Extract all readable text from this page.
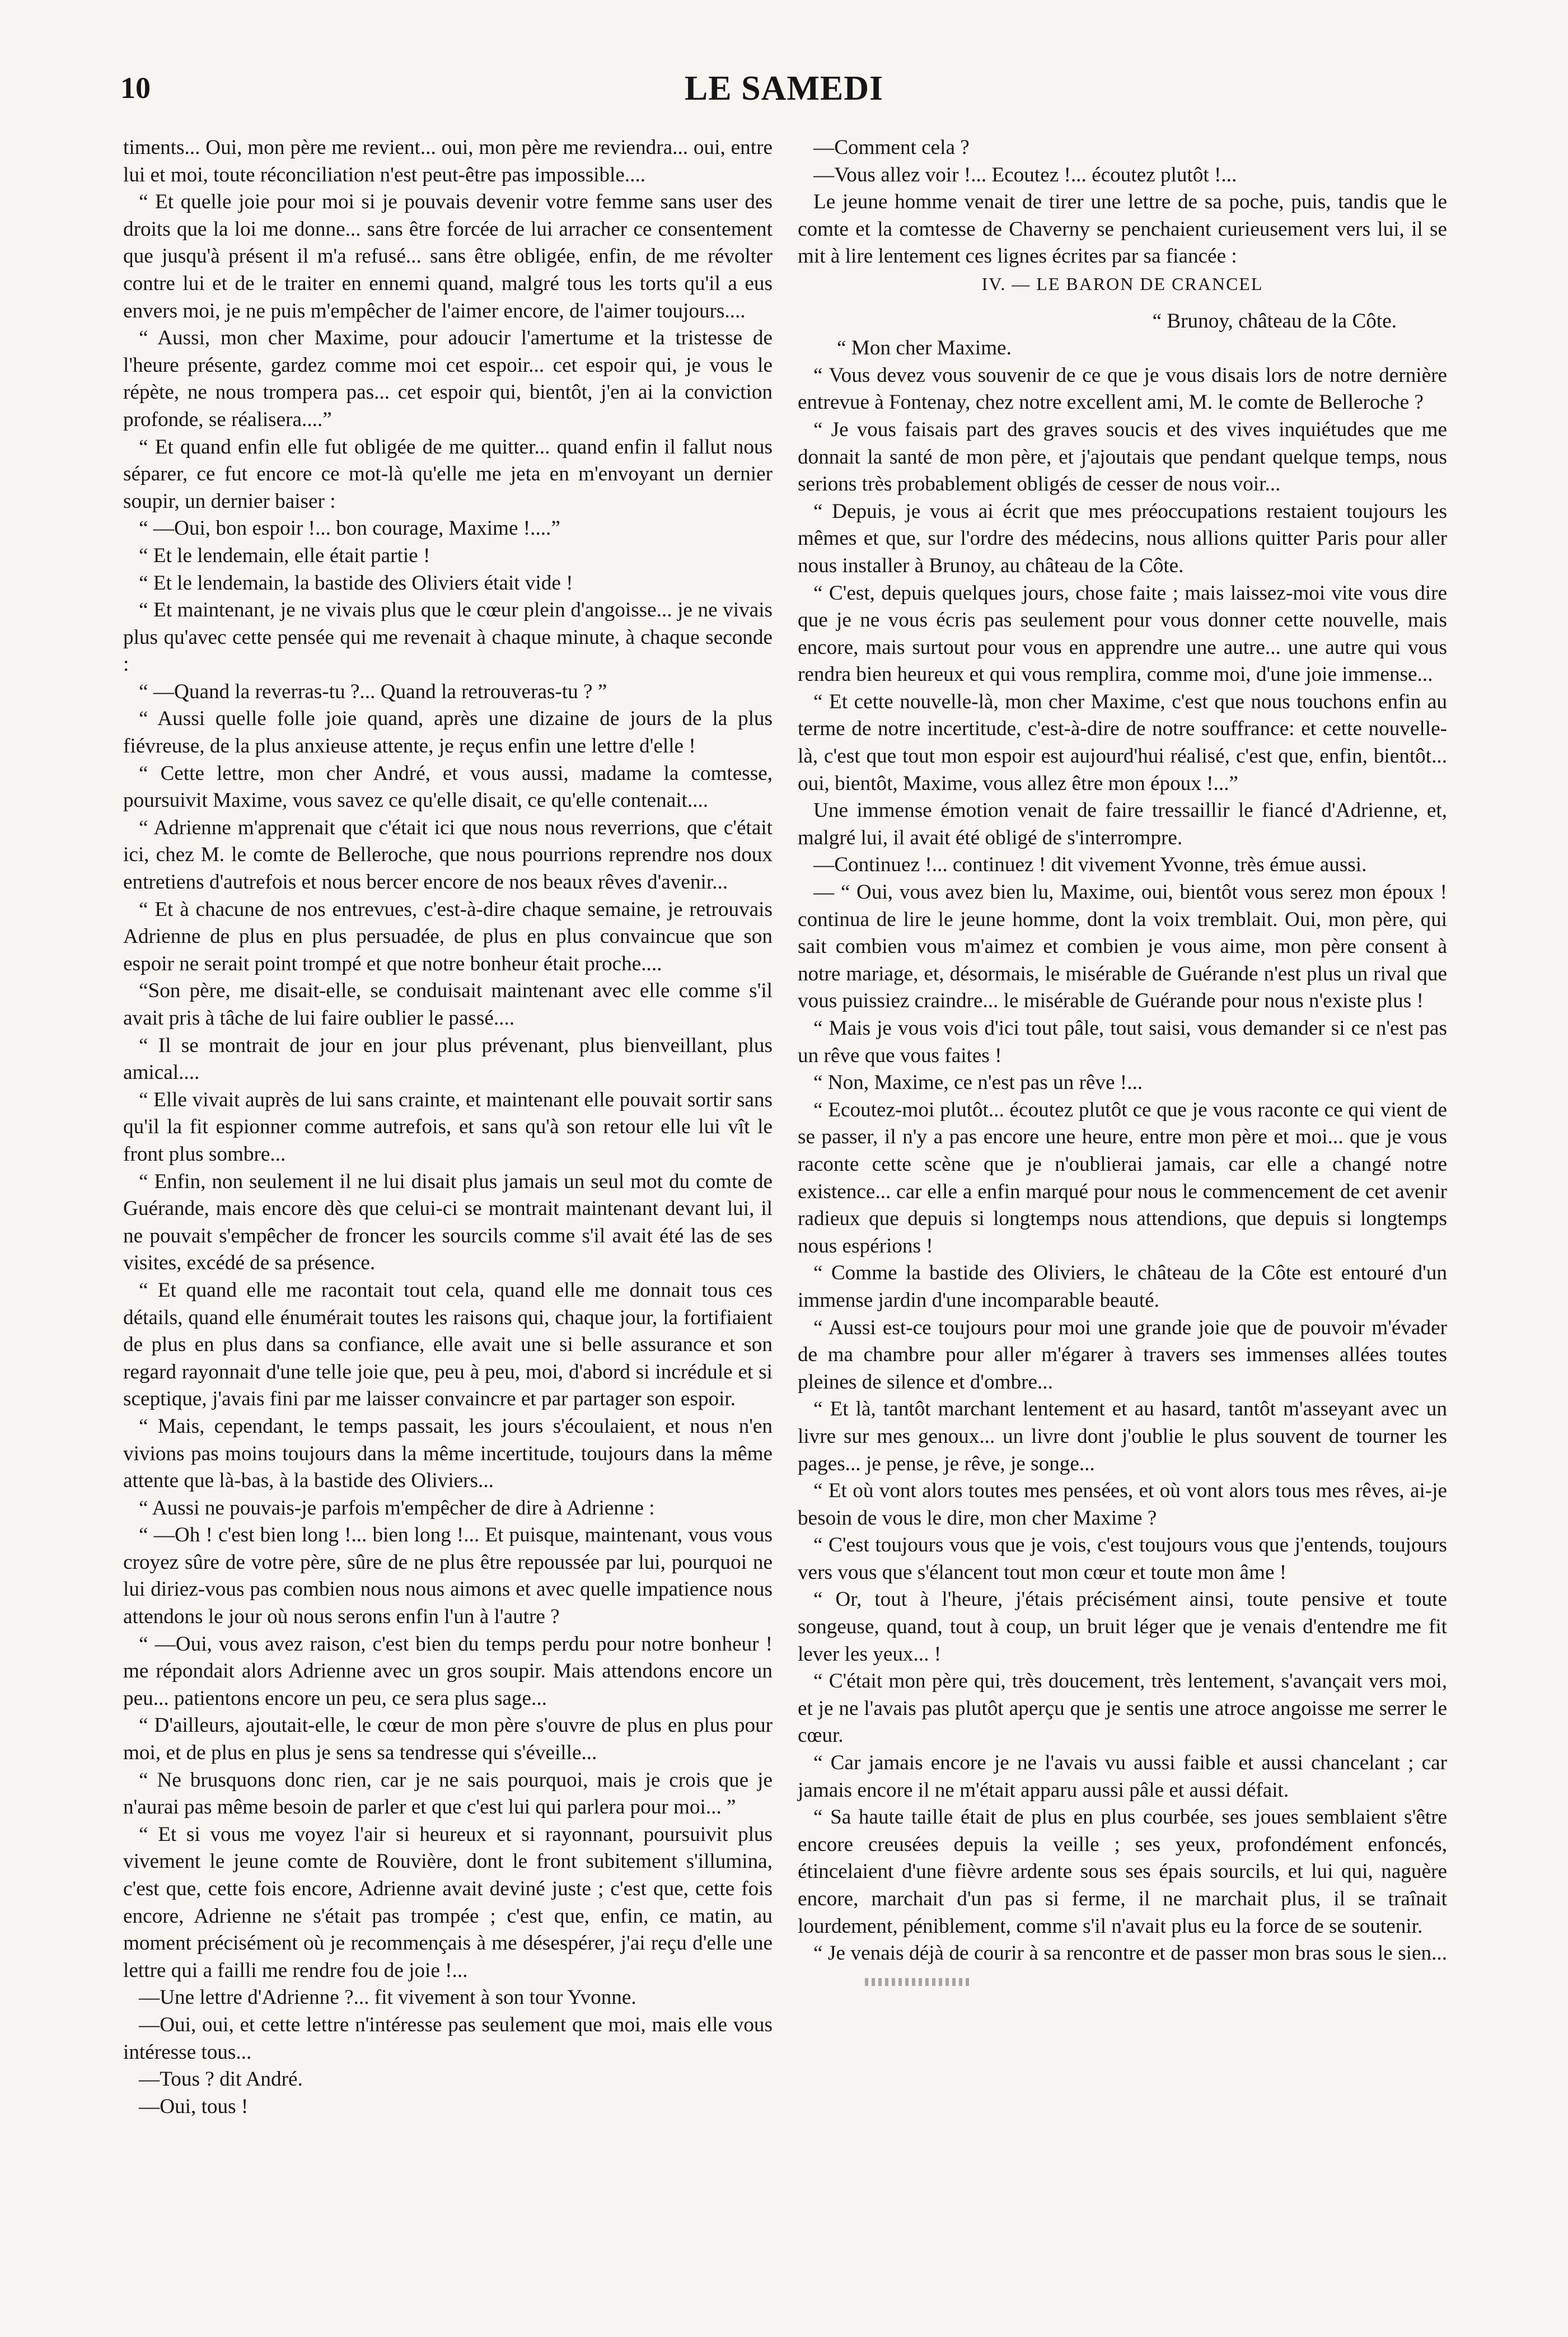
10	LE SAMEDI

timents... Oui, mon père me revient... oui, mon père me reviendra... oui, entre lui et moi, toute réconciliation n'est peut-être pas impossible....

“ Et quelle joie pour moi si je pouvais devenir votre femme sans user des droits que la loi me donne... sans être forcée de lui arracher ce consentement que jusqu'à présent il m'a refusé... sans être obligée, enfin, de me révolter contre lui et de le traiter en ennemi quand, malgré tous les torts qu'il a eus envers moi, je ne puis m'empêcher de l'aimer encore, de l'aimer toujours....

“ Aussi, mon cher Maxime, pour adoucir l'amertume et la tristesse de l'heure présente, gardez comme moi cet espoir... cet espoir qui, je vous le répète, ne nous trompera pas... cet espoir qui, bientôt, j'en ai la conviction profonde, se réalisera....”

“ Et quand enfin elle fut obligée de me quitter... quand enfin il fallut nous séparer, ce fut encore ce mot-là qu'elle me jeta en m'envoyant un dernier soupir, un dernier baiser :

“ —Oui, bon espoir !... bon courage, Maxime !....”

“ Et le lendemain, elle était partie !

“ Et le lendemain, la bastide des Oliviers était vide !

“ Et maintenant, je ne vivais plus que le cœur plein d'angoisse... je ne vivais plus qu'avec cette pensée qui me revenait à chaque minute, à chaque seconde :

“ —Quand la reverras-tu ?... Quand la retrouveras-tu ? ”

“ Aussi quelle folle joie quand, après une dizaine de jours de la plus fiévreuse, de la plus anxieuse attente, je reçus enfin une lettre d'elle !

“ Cette lettre, mon cher André, et vous aussi, madame la comtesse, poursuivit Maxime, vous savez ce qu'elle disait, ce qu'elle contenait....

“ Adrienne m'apprenait que c'était ici que nous nous reverrions, que c'était ici, chez M. le comte de Belleroche, que nous pourrions reprendre nos doux entretiens d'autrefois et nous bercer encore de nos beaux rêves d'avenir...

“ Et à chacune de nos entrevues, c'est-à-dire chaque semaine, je retrouvais Adrienne de plus en plus persuadée, de plus en plus convaincue que son espoir ne serait point trompé et que notre bonheur était proche....

“Son père, me disait-elle, se conduisait maintenant avec elle comme s'il avait pris à tâche de lui faire oublier le passé....

“ Il se montrait de jour en jour plus prévenant, plus bienveillant, plus amical....

“ Elle vivait auprès de lui sans crainte, et maintenant elle pouvait sortir sans qu'il la fit espionner comme autrefois, et sans qu'à son retour elle lui vît le front plus sombre...

“ Enfin, non seulement il ne lui disait plus jamais un seul mot du comte de Guérande, mais encore dès que celui-ci se montrait maintenant devant lui, il ne pouvait s'empêcher de froncer les sourcils comme s'il avait été las de ses visites, excédé de sa présence.

“ Et quand elle me racontait tout cela, quand elle me donnait tous ces détails, quand elle énumérait toutes les raisons qui, chaque jour, la fortifiaient de plus en plus dans sa confiance, elle avait une si belle assurance et son regard rayonnait d'une telle joie que, peu à peu, moi, d'abord si incrédule et si sceptique, j'avais fini par me laisser convaincre et par partager son espoir.

“ Mais, cependant, le temps passait, les jours s'écoulaient, et nous n'en vivions pas moins toujours dans la même incertitude, toujours dans la même attente que là-bas, à la bastide des Oliviers...

“ Aussi ne pouvais-je parfois m'empêcher de dire à Adrienne :

“ —Oh ! c'est bien long !... bien long !... Et puisque, maintenant, vous vous croyez sûre de votre père, sûre de ne plus être repoussée par lui, pourquoi ne lui diriez-vous pas combien nous nous aimons et avec quelle impatience nous attendons le jour où nous serons enfin l'un à l'autre ?

“ —Oui, vous avez raison, c'est bien du temps perdu pour notre bonheur ! me répondait alors Adrienne avec un gros soupir. Mais attendons encore un peu... patientons encore un peu, ce sera plus sage...

“ D'ailleurs, ajoutait-elle, le cœur de mon père s'ouvre de plus en plus pour moi, et de plus en plus je sens sa tendresse qui s'éveille...

“ Ne brusquons donc rien, car je ne sais pourquoi, mais je crois que je n'aurai pas même besoin de parler et que c'est lui qui parlera pour moi... ”

“ Et si vous me voyez l'air si heureux et si rayonnant, poursuivit plus vivement le jeune comte de Rouvière, dont le front subitement s'illumina, c'est que, cette fois encore, Adrienne avait deviné juste ; c'est que, cette fois encore, Adrienne ne s'était pas trompée ; c'est que, enfin, ce matin, au moment précisément où je recommençais à me désespérer, j'ai reçu d'elle une lettre qui a failli me rendre fou de joie !...

—Une lettre d'Adrienne ?... fit vivement à son tour Yvonne.

—Oui, oui, et cette lettre n'intéresse pas seulement que moi, mais elle vous intéresse tous...

—Tous ? dit André.

—Oui, tous !

—Comment cela ?

—Vous allez voir !... Ecoutez !... écoutez plutôt !...

Le jeune homme venait de tirer une lettre de sa poche, puis, tandis que le comte et la comtesse de Chaverny se penchaient curieusement vers lui, il se mit à lire lentement ces lignes écrites par sa fiancée :

IV. — LE BARON DE CRANCEL

“ Brunoy, château de la Côte.

“ Mon cher Maxime.

“ Vous devez vous souvenir de ce que je vous disais lors de notre dernière entrevue à Fontenay, chez notre excellent ami, M. le comte de Belleroche ?

“ Je vous faisais part des graves soucis et des vives inquiétudes que me donnait la santé de mon père, et j'ajoutais que pendant quelque temps, nous serions très probablement obligés de cesser de nous voir...

“ Depuis, je vous ai écrit que mes préoccupations restaient toujours les mêmes et que, sur l'ordre des médecins, nous allions quitter Paris pour aller nous installer à Brunoy, au château de la Côte.

“ C'est, depuis quelques jours, chose faite ; mais laissez-moi vite vous dire que je ne vous écris pas seulement pour vous donner cette nouvelle, mais encore, mais surtout pour vous en apprendre une autre... une autre qui vous rendra bien heureux et qui vous remplira, comme moi, d'une joie immense...

“ Et cette nouvelle-là, mon cher Maxime, c'est que nous touchons enfin au terme de notre incertitude, c'est-à-dire de notre souffrance: et cette nouvelle-là, c'est que tout mon espoir est aujourd'hui réalisé, c'est que, enfin, bientôt... oui, bientôt, Maxime, vous allez être mon époux !...”

Une immense émotion venait de faire tressaillir le fiancé d'Adrienne, et, malgré lui, il avait été obligé de s'interrompre.

—Continuez !... continuez ! dit vivement Yvonne, très émue aussi.

— “ Oui, vous avez bien lu, Maxime, oui, bientôt vous serez mon époux ! continua de lire le jeune homme, dont la voix tremblait. Oui, mon père, qui sait combien vous m'aimez et combien je vous aime, mon père consent à notre mariage, et, désormais, le misérable de Guérande n'est plus un rival que vous puissiez craindre... le misérable de Guérande pour nous n'existe plus !

“ Mais je vous vois d'ici tout pâle, tout saisi, vous demander si ce n'est pas un rêve que vous faites !

“ Non, Maxime, ce n'est pas un rêve !...

“ Ecoutez-moi plutôt... écoutez plutôt ce que je vous raconte ce qui vient de se passer, il n'y a pas encore une heure, entre mon père et moi... que je vous raconte cette scène que je n'oublierai jamais, car elle a changé notre existence... car elle a enfin marqué pour nous le commencement de cet avenir radieux que depuis si longtemps nous attendions, que depuis si longtemps nous espérions !

“ Comme la bastide des Oliviers, le château de la Côte est entouré d'un immense jardin d'une incomparable beauté.

“ Aussi est-ce toujours pour moi une grande joie que de pouvoir m'évader de ma chambre pour aller m'égarer à travers ses immenses allées toutes pleines de silence et d'ombre...

“ Et là, tantôt marchant lentement et au hasard, tantôt m'asseyant avec un livre sur mes genoux... un livre dont j'oublie le plus souvent de tourner les pages... je pense, je rêve, je songe...

“ Et où vont alors toutes mes pensées, et où vont alors tous mes rêves, ai-je besoin de vous le dire, mon cher Maxime ?

“ C'est toujours vous que je vois, c'est toujours vous que j'entends, toujours vers vous que s'élancent tout mon cœur et toute mon âme !

“ Or, tout à l'heure, j'étais précisément ainsi, toute pensive et toute songeuse, quand, tout à coup, un bruit léger que je venais d'entendre me fit lever les yeux... !

“ C'était mon père qui, très doucement, très lentement, s'avançait vers moi, et je ne l'avais pas plutôt aperçu que je sentis une atroce angoisse me serrer le cœur.

“ Car jamais encore je ne l'avais vu aussi faible et aussi chancelant ; car jamais encore il ne m'était apparu aussi pâle et aussi défait.

“ Sa haute taille était de plus en plus courbée, ses joues semblaient s'être encore creusées depuis la veille ; ses yeux, profondément enfoncés, étincelaient d'une fièvre ardente sous ses épais sourcils, et lui qui, naguère encore, marchait d'un pas si ferme, il ne marchait plus, il se traînait lourdement, péniblement, comme s'il n'avait plus eu la force de se soutenir.

“ Je venais déjà de courir à sa rencontre et de passer mon bras sous le sien...
